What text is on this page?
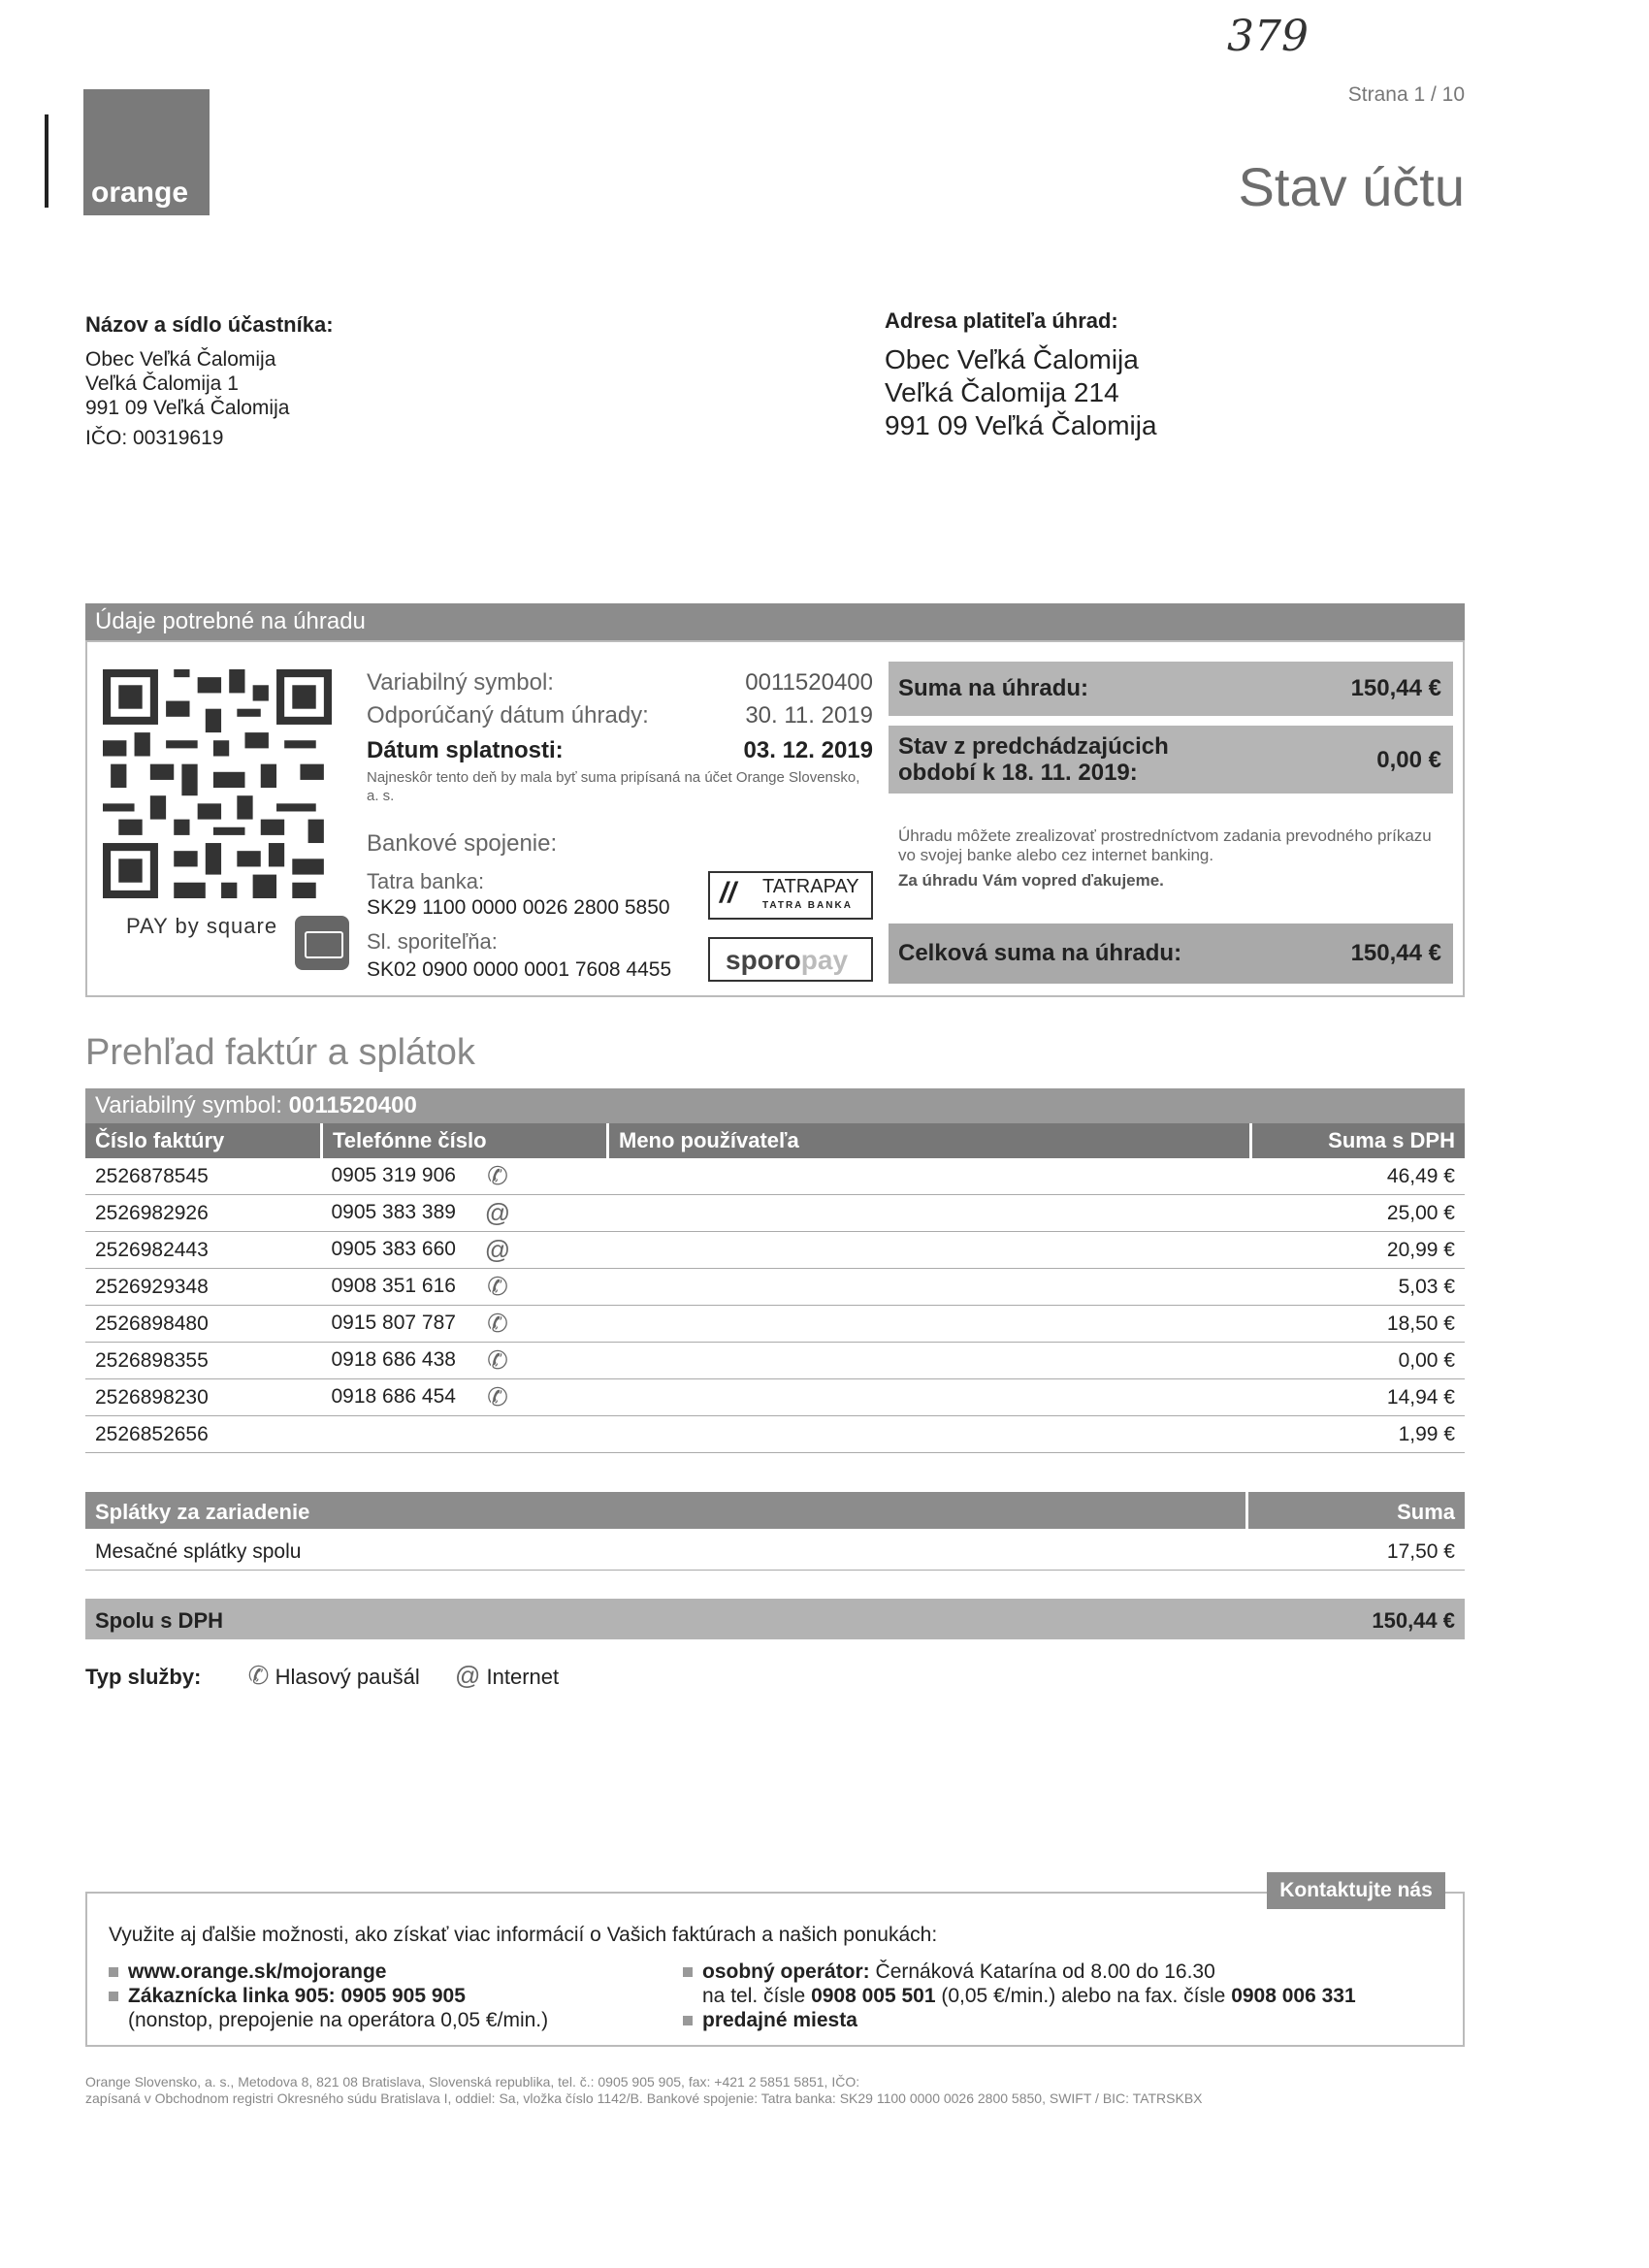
379
orange
Strana 1 / 10
Stav účtu
Názov a sídlo účastníka:
Obec Veľká Čalomija
Veľká Čalomija 1
991 09 Veľká Čalomija
IČO: 00319619
Adresa platiteľa úhrad:
Obec Veľká Čalomija
Veľká Čalomija 214
991 09 Veľká Čalomija
Údaje potrebné na úhradu
PAY by square
Variabilný symbol:	0011520400
Odporúčaný dátum úhrady:	30. 11. 2019
Dátum splatnosti:	03. 12. 2019
Najneskôr tento deň by mala byť suma pripísaná na účet Orange Slovensko, a. s.
Bankové spojenie:
Tatra banka:
SK29 1100 0000 0026 2800 5850
Sl. sporiteľňa:
SK02 0900 0000 0001 7608 4455
// TATRAPAY
TATRA BANKA
sporopay
Suma na úhradu:	150,44 €
Stav z predchádzajúcich
období k 18. 11. 2019:	0,00 €
Úhradu môžete zrealizovať prostredníctvom zadania prevodného príkazu vo svojej banke alebo cez internet banking.
Za úhradu Vám vopred ďakujeme.
Celková suma na úhradu:	150,44 €
Prehľad faktúr a splátok
Variabilný symbol: 0011520400			

Číslo faktúry	Telefónne číslo	Meno používateľa	Suma s DPH
2526878545	0905 319 906 ✆		46,49 €
2526982926	0905 383 389 @		25,00 €
2526982443	0905 383 660 @		20,99 €
2526929348	0908 351 616 ✆		5,03 €
2526898480	0915 807 787 ✆		18,50 €
2526898355	0918 686 438 ✆		0,00 €
2526898230	0918 686 454 ✆		14,94 €
2526852656			1,99 €
Splátky za zariadenie	Suma
Mesačné splátky spolu	17,50 €
Spolu s DPH	150,44 €
Typ služby: ✆ Hlasový paušál @ Internet
Kontaktujte nás
Využite aj ďalšie možnosti, ako získať viac informácií o Vašich faktúrach a našich ponukách:
www.orange.sk/mojorange
Zákaznícka linka 905: 0905 905 905
(nonstop, prepojenie na operátora 0,05 €/min.)
osobný operátor: Černáková Katarína od 8.00 do 16.30
na tel. čísle 0908 005 501 (0,05 €/min.) alebo na fax. čísle 0908 006 331
predajné miesta
Orange Slovensko, a. s., Metodova 8, 821 08 Bratislava, Slovenská republika, tel. č.: 0905 905 905, fax: +421 2 5851 5851, IČO:
zapísaná v Obchodnom registri Okresného súdu Bratislava I, oddiel: Sa, vložka číslo 1142/B. Bankové spojenie: Tatra banka: SK29 1100 0000 0026 2800 5850, SWIFT / BIC: TATRSKBX
